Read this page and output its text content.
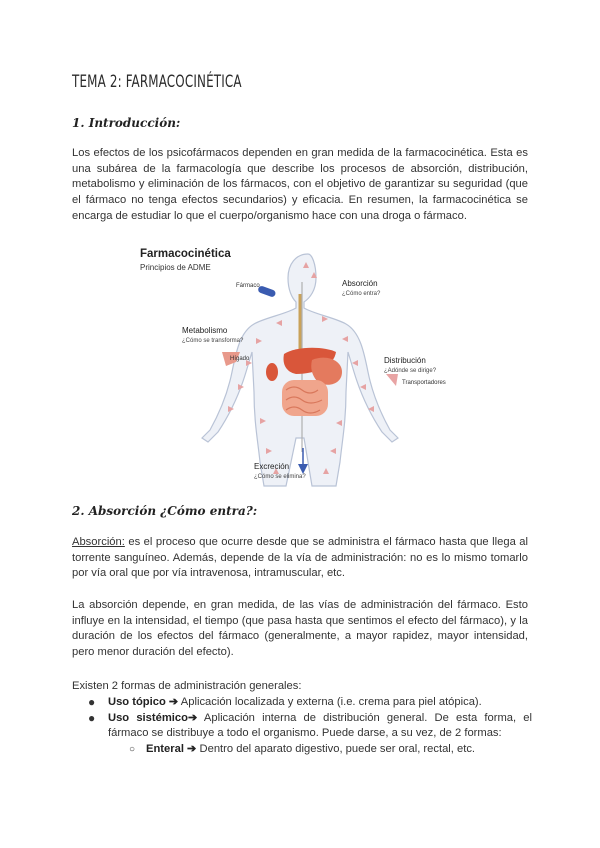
TEMA 2: FARMACOCINÉTICA
1. Introducción:
Los efectos de los psicofármacos dependen en gran medida de la farmacocinética. Esta es una subárea de la farmacología que describe los procesos de absorción, distribución, metabolismo y eliminación de los fármacos, con el objetivo de garantizar su seguridad (que el fármaco no tenga efectos secundarios) y eficacia. En resumen, la farmacocinética se encarga de estudiar lo que el cuerpo/organismo hace con una droga o fármaco.
Farmacocinética
Principios de ADME
Fármaco	Absorción
¿Cómo entra?
Metabolismo
¿Cómo se transforma?
Hígado	Distribución
¿Adónde se dirige?
Transportadores
Excreción
¿Cómo se elimina?
2. Absorción ¿Cómo entra?:
Absorción: es el proceso que ocurre desde que se administra el fármaco hasta que llega al torrente sanguíneo. Además, depende de la vía de administración: no es lo mismo tomarlo por vía oral que por vía intravenosa, intramuscular, etc.
La absorción depende, en gran medida, de las vías de administración del fármaco. Esto influye en la intensidad, el tiempo (que pasa hasta que sentimos el efecto del fármaco), y la duración de los efectos del fármaco (generalmente, a mayor rapidez, mayor intensidad, pero menor duración del efecto).
Existen 2 formas de administración generales:
● Uso tópico ➔ Aplicación localizada y externa (i.e. crema para piel atópica).
● Uso sistémico➔ Aplicación interna de distribución general. De esta forma, el fármaco se distribuye a todo el organismo. Puede darse, a su vez, de 2 formas:
○ Enteral ➔ Dentro del aparato digestivo, puede ser oral, rectal, etc.
